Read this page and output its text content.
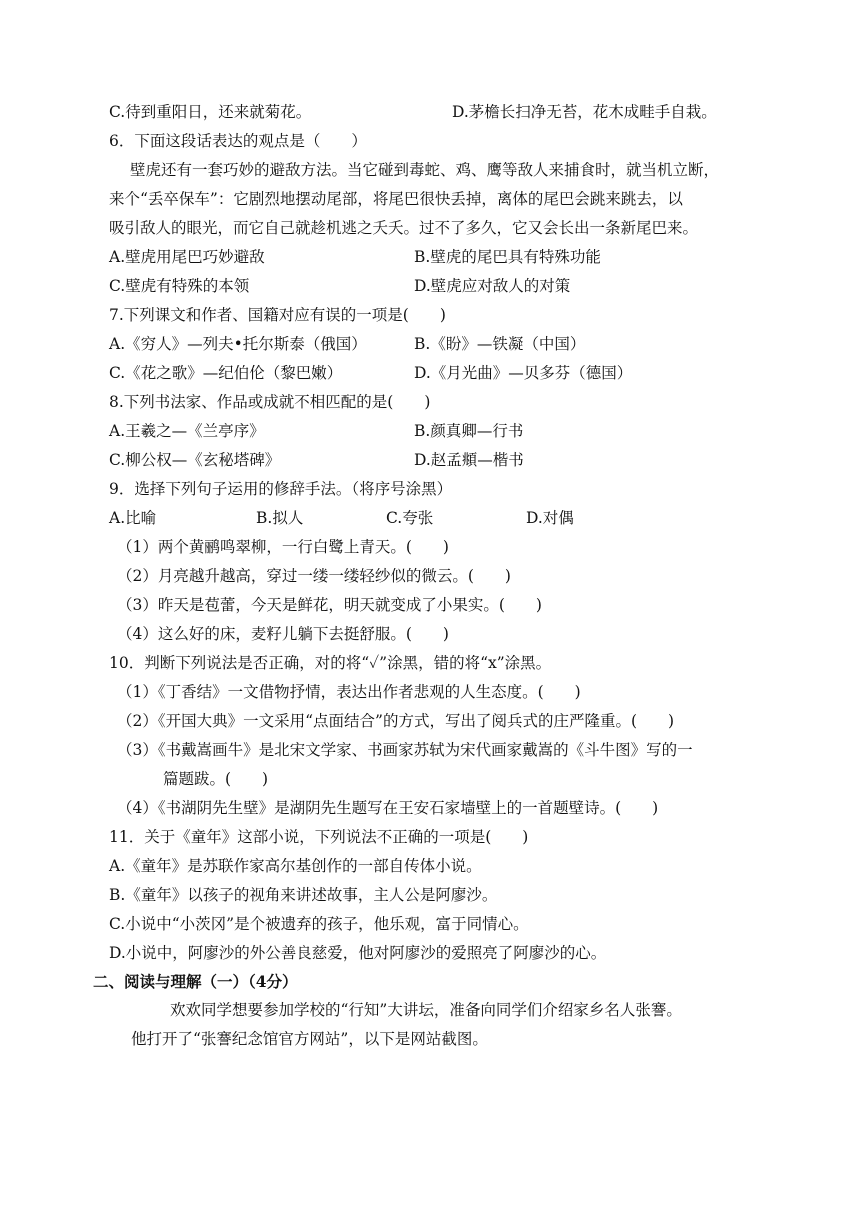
C.待到重阳日，还来就菊花。	D.茅檐长扫净无苔，花木成畦手自栽。
6．下面这段话表达的观点是（　　）
壁虎还有一套巧妙的避敌方法。当它碰到毒蛇、鸡、鹰等敌人来捕食时，就当机立断，
来个“丢卒保车”：它剧烈地摆动尾部，将尾巴很快丢掉，离体的尾巴会跳来跳去，以
吸引敌人的眼光，而它自己就趁机逃之夭夭。过不了多久，它又会长出一条新尾巴来。
A.壁虎用尾巴巧妙避敌	B.壁虎的尾巴具有特殊功能
C.壁虎有特殊的本领	D.壁虎应对敌人的对策
7.下列课文和作者、国籍对应有误的一项是(　　)
A.《穷人》—列夫•托尔斯泰（俄国）	B.《盼》—铁凝（中国）
C.《花之歌》—纪伯伦（黎巴嫩）	D.《月光曲》—贝多芬（德国）
8.下列书法家、作品或成就不相匹配的是(　　)
A.王羲之—《兰亭序》	B.颜真卿—行书
C.柳公权—《玄秘塔碑》	D.赵孟頫—楷书
9．选择下列句子运用的修辞手法。（将序号涂黑）
A.比喻	B.拟人	C.夸张	D.对偶
（1）两个黄鹂鸣翠柳，一行白鹭上青天。(　　)
（2）月亮越升越高，穿过一缕一缕轻纱似的微云。(　　)
（3）昨天是苞蕾，今天是鲜花，明天就变成了小果实。(　　)
（4）这么好的床，麦籽儿躺下去挺舒服。(　　)
10．判断下列说法是否正确，对的将“✓”涂黑，错的将“x”涂黑。
（1）《丁香结》一文借物抒情，表达出作者悲观的人生态度。(　　)
（2）《开国大典》一文采用“点面结合”的方式，写出了阅兵式的庄严隆重。(　　)
（3）《书戴嵩画牛》是北宋文学家、书画家苏轼为宋代画家戴嵩的《斗牛图》写的一
篇题跋。(　　)
（4）《书湖阴先生壁》是湖阴先生题写在王安石家墙壁上的一首题壁诗。(　　)
11．关于《童年》这部小说，下列说法不正确的一项是(　　)
A.《童年》是苏联作家高尔基创作的一部自传体小说。
B.《童年》以孩子的视角来讲述故事，主人公是阿廖沙。
C.小说中“小茨冈”是个被遗弃的孩子，他乐观，富于同情心。
D.小说中，阿廖沙的外公善良慈爱，他对阿廖沙的爱照亮了阿廖沙的心。
二、阅读与理解（一）（4分）
欢欢同学想要参加学校的“行知”大讲坛，准备向同学们介绍家乡名人张謇。
他打开了“张謇纪念馆官方网站”，以下是网站截图。
